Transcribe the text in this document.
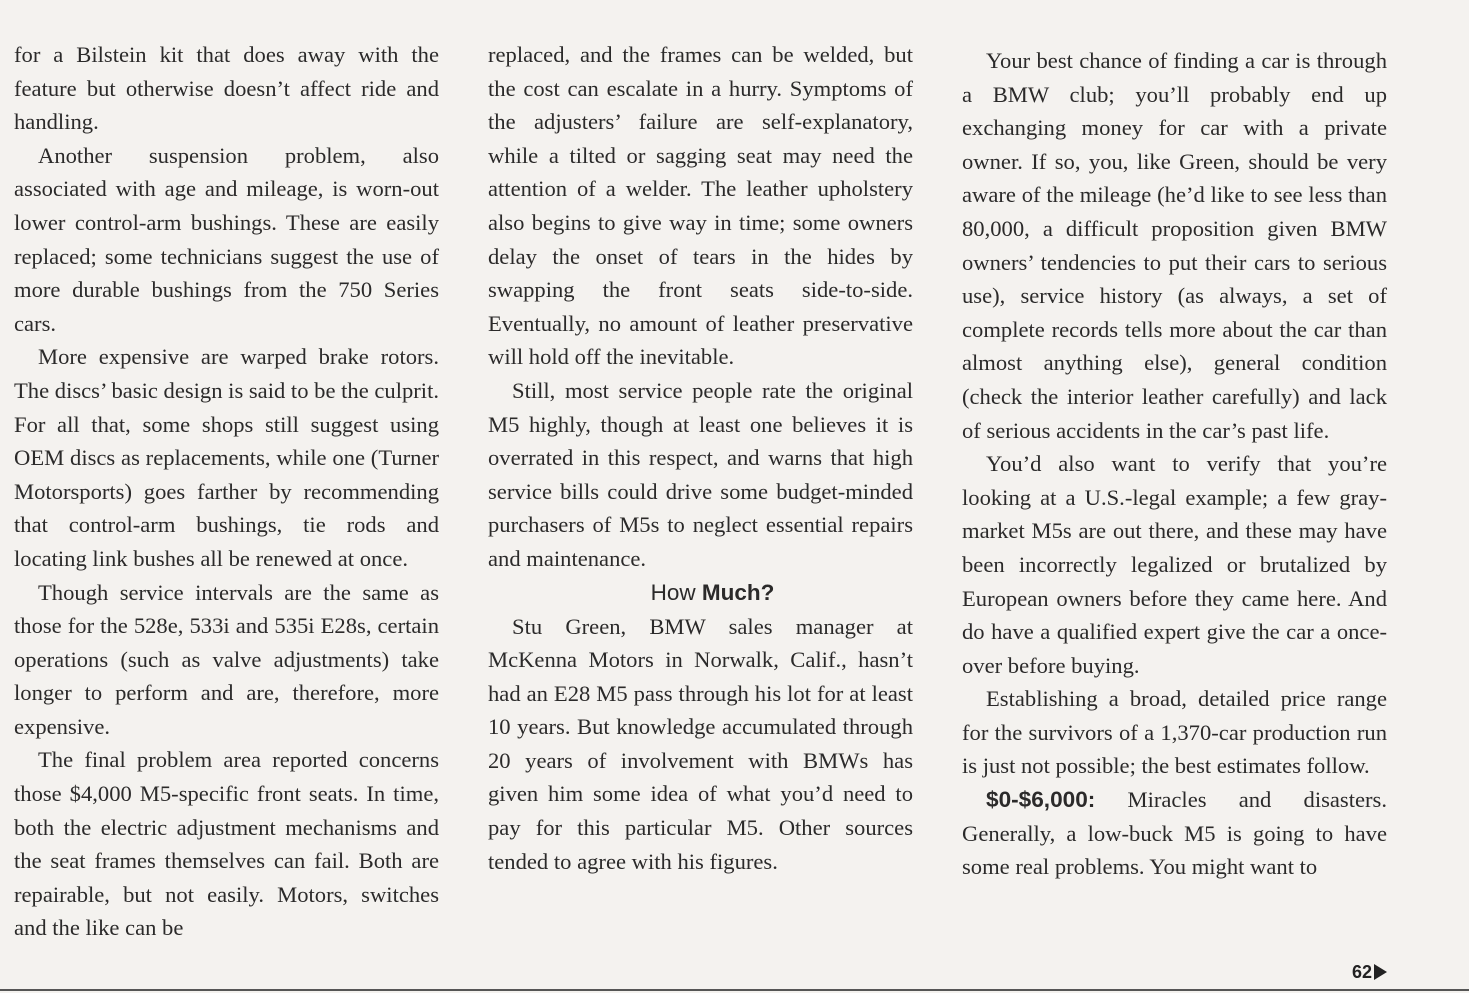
for a Bilstein kit that does away with the feature but otherwise doesn’t affect ride and handling.

Another suspension problem, also associated with age and mileage, is worn-out lower control-arm bushings. These are easily replaced; some technicians suggest the use of more durable bushings from the 750 Series cars.

More expensive are warped brake rotors. The discs’ basic design is said to be the culprit. For all that, some shops still suggest using OEM discs as replacements, while one (Turner Motorsports) goes farther by recommending that control-arm bushings, tie rods and locating link bushes all be renewed at once.

Though service intervals are the same as those for the 528e, 533i and 535i E28s, certain operations (such as valve adjustments) take longer to perform and are, therefore, more expensive.

The final problem area reported concerns those $4,000 M5-specific front seats. In time, both the electric adjustment mechanisms and the seat frames themselves can fail. Both are repairable, but not easily. Motors, switches and the like can be

replaced, and the frames can be welded, but the cost can escalate in a hurry. Symptoms of the adjusters’ failure are self-explanatory, while a tilted or sagging seat may need the attention of a welder. The leather upholstery also begins to give way in time; some owners delay the onset of tears in the hides by swapping the front seats side-to-side. Eventually, no amount of leather preservative will hold off the inevitable.

Still, most service people rate the original M5 highly, though at least one believes it is overrated in this respect, and warns that high service bills could drive some budget-minded purchasers of M5s to neglect essential repairs and maintenance.

How Much?

Stu Green, BMW sales manager at McKenna Motors in Norwalk, Calif., hasn’t had an E28 M5 pass through his lot for at least 10 years. But knowledge accumulated through 20 years of involvement with BMWs has given him some idea of what you’d need to pay for this particular M5. Other sources tended to agree with his figures.

Your best chance of finding a car is through a BMW club; you’ll probably end up exchanging money for car with a private owner. If so, you, like Green, should be very aware of the mileage (he’d like to see less than 80,000, a difficult proposition given BMW owners’ tendencies to put their cars to serious use), service history (as always, a set of complete records tells more about the car than almost anything else), general condition (check the interior leather carefully) and lack of serious accidents in the car’s past life.

You’d also want to verify that you’re looking at a U.S.-legal example; a few gray-market M5s are out there, and these may have been incorrectly legalized or brutalized by European owners before they came here. And do have a qualified expert give the car a once-over before buying.

Establishing a broad, detailed price range for the survivors of a 1,370-car production run is just not possible; the best estimates follow.

$0-$6,000: Miracles and disasters. Generally, a low-buck M5 is going to have some real problems. You might want to

62
